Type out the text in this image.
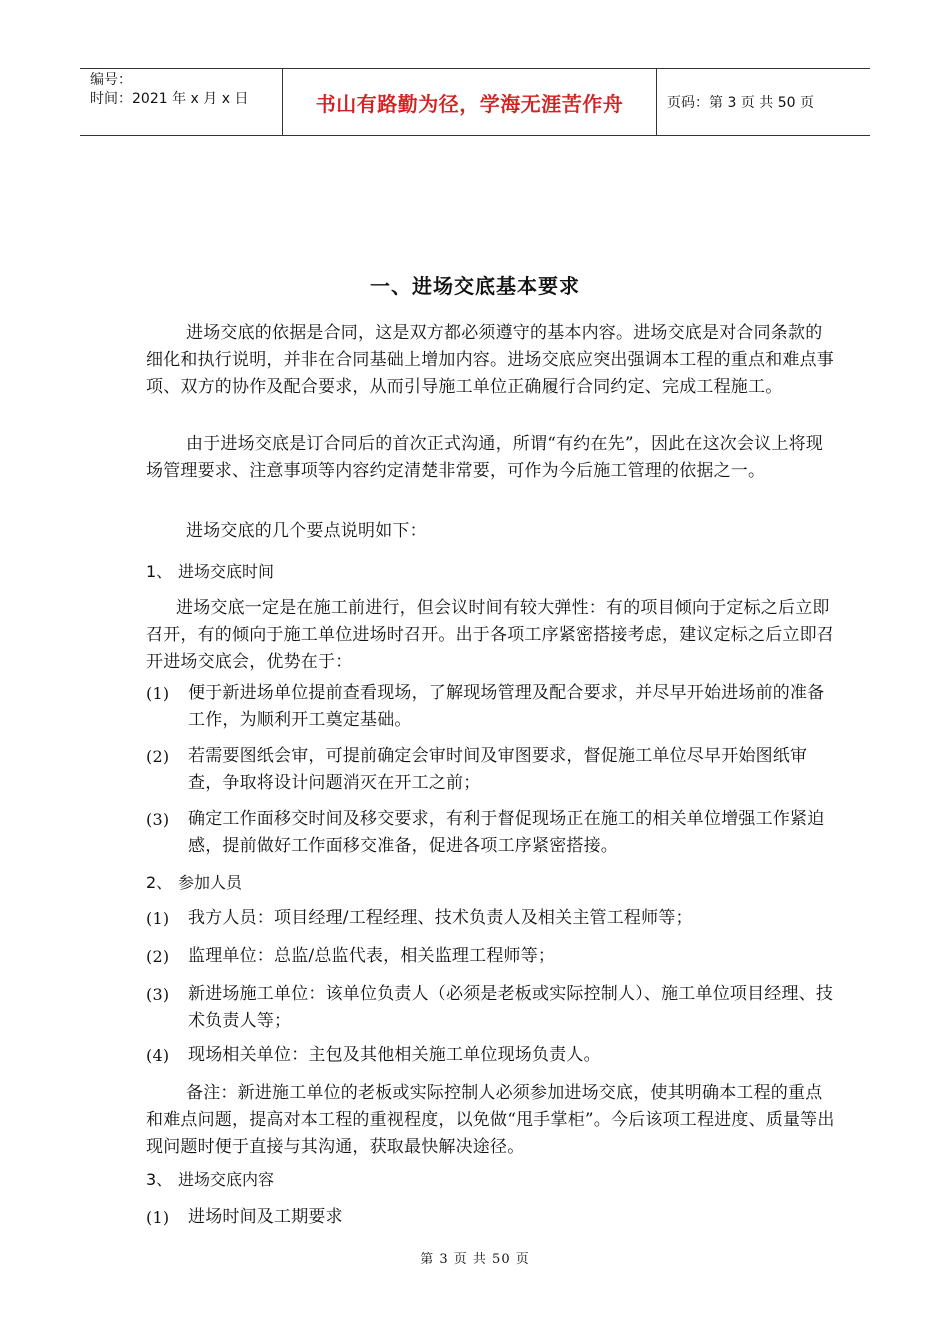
编号：
时间：2021 年 x 月 x 日	书山有路勤为径，学海无涯苦作舟	页码：第 3 页 共 50 页
一、进场交底基本要求

进场交底的依据是合同，这是双方都必须遵守的基本内容。进场交底是对合同条款的细化和执行说明，并非在合同基础上增加内容。进场交底应突出强调本工程的重点和难点事项、双方的协作及配合要求，从而引导施工单位正确履行合同约定、完成工程施工。

由于进场交底是订合同后的首次正式沟通，所谓“有约在先”，因此在这次会议上将现场管理要求、注意事项等内容约定清楚非常要，可作为今后施工管理的依据之一。

进场交底的几个要点说明如下：

1、 进场交底时间

进场交底一定是在施工前进行，但会议时间有较大弹性：有的项目倾向于定标之后立即召开，有的倾向于施工单位进场时召开。出于各项工序紧密搭接考虑，建议定标之后立即召开进场交底会，优势在于：

(1) 便于新进场单位提前查看现场，了解现场管理及配合要求，并尽早开始进场前的准备工作，为顺利开工奠定基础。
(2) 若需要图纸会审，可提前确定会审时间及审图要求，督促施工单位尽早开始图纸审查，争取将设计问题消灭在开工之前；
(3) 确定工作面移交时间及移交要求，有利于督促现场正在施工的相关单位增强工作紧迫感，提前做好工作面移交准备，促进各项工序紧密搭接。
2、 参加人员
(1) 我方人员：项目经理/工程经理、技术负责人及相关主管工程师等；
(2) 监理单位：总监/总监代表，相关监理工程师等；
(3) 新进场施工单位：该单位负责人（必须是老板或实际控制人）、施工单位项目经理、技术负责人等；
(4) 现场相关单位：主包及其他相关施工单位现场负责人。

备注：新进施工单位的老板或实际控制人必须参加进场交底，使其明确本工程的重点和难点问题，提高对本工程的重视程度，以免做“甩手掌柜”。今后该项工程进度、质量等出现问题时便于直接与其沟通，获取最快解决途径。

3、 进场交底内容
(1) 进场时间及工期要求
第 3 页 共 50 页
